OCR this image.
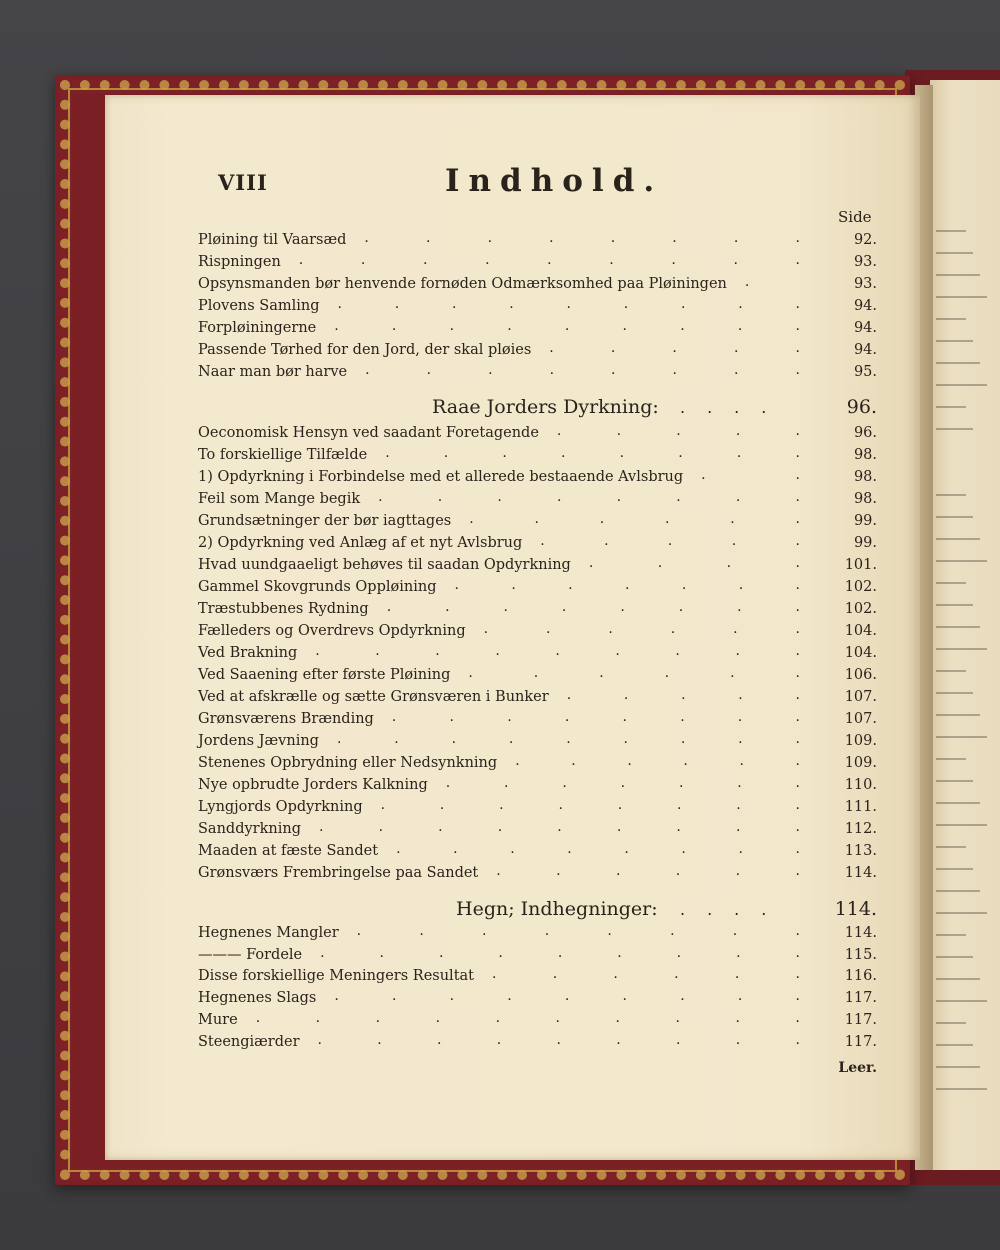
VIII	Indhold.
Side
Pløining til Vaarsæd	92.
Rispningen	93.
Opsynsmanden bør henvende fornøden Odmærksomhed paa Pløiningen	93.
Plovens Samling	94.
Forpløiningerne	94.
Passende Tørhed for den Jord, der skal pløies	94.
Naar man bør harve	95.
.	.	.	.	.	.	.	.
.	.	.	.	.	.	.	.	.
.
.	.	.	.	.	.	.	.	.
.	.	.	.	.	.	.	.	.
.	.	.	.	.
.	.	.	.	.	.	.	.
Raae Jorders Dyrkning: ....	96.
Oeconomisk Hensyn ved saadant Foretagende	96.
To forskiellige Tilfælde	98.
1) Opdyrkning i Forbindelse med et allerede bestaaende Avlsbrug	98.
Feil som Mange begik	98.
Grundsætninger der bør iagttages	99.
2) Opdyrkning ved Anlæg af et nyt Avlsbrug	99.
Hvad uundgaaeligt behøves til saadan Opdyrkning	101.
Gammel Skovgrunds Oppløining	102.
Træstubbenes Rydning	102.
Fælleders og Overdrevs Opdyrkning	104.
Ved Brakning	104.
Ved Saaening efter første Pløining	106.
Ved at afskrælle og sætte Grønsværen i Bunker	107.
Grønsværens Brænding	107.
Jordens Jævning	109.
Stenenes Opbrydning eller Nedsynkning	109.
Nye opbrudte Jorders Kalkning	110.
Lyngjords Opdyrkning	111.
Sanddyrkning	112.
Maaden at fæste Sandet	113.
Grønsværs Frembringelse paa Sandet	114.
.	.	.	.	.
.	.	.	.	.	.	.	.
.	.
.	.	.	.	.	.	.	.
.	.	.	.	.	.
.	.	.	.	.
.	.	.	.
.	.	.	.	.	.	.
.	.	.	.	.	.	.	.
.	.	.	.	.	.
.	.	.	.	.	.	.	.	.
.	.	.	.	.	.
.	.	.	.	.
.	.	.	.	.	.	.	.
.	.	.	.	.	.	.	.	.
.	.	.	.	.	.
.	.	.	.	.	.	.
.	.	.	.	.	.	.	.
.	.	.	.	.	.	.	.	.
.	.	.	.	.	.	.	.
.	.	.	.	.	.
Hegn; Indhegninger: ....	114.
Hegnenes Mangler	114.
——— Fordele	115.
Disse forskiellige Meningers Resultat	116.
Hegnenes Slags	117.
Mure	117.
Steengiærder	117.
.	.	.	.	.	.	.	.
.	.	.	.	.	.	.	.	.
.	.	.	.	.	.
.	.	.	.	.	.	.	.	.
.	.	.	.	.	.	.	.	.	.
.	.	.	.	.	.	.	.	.
Leer.
